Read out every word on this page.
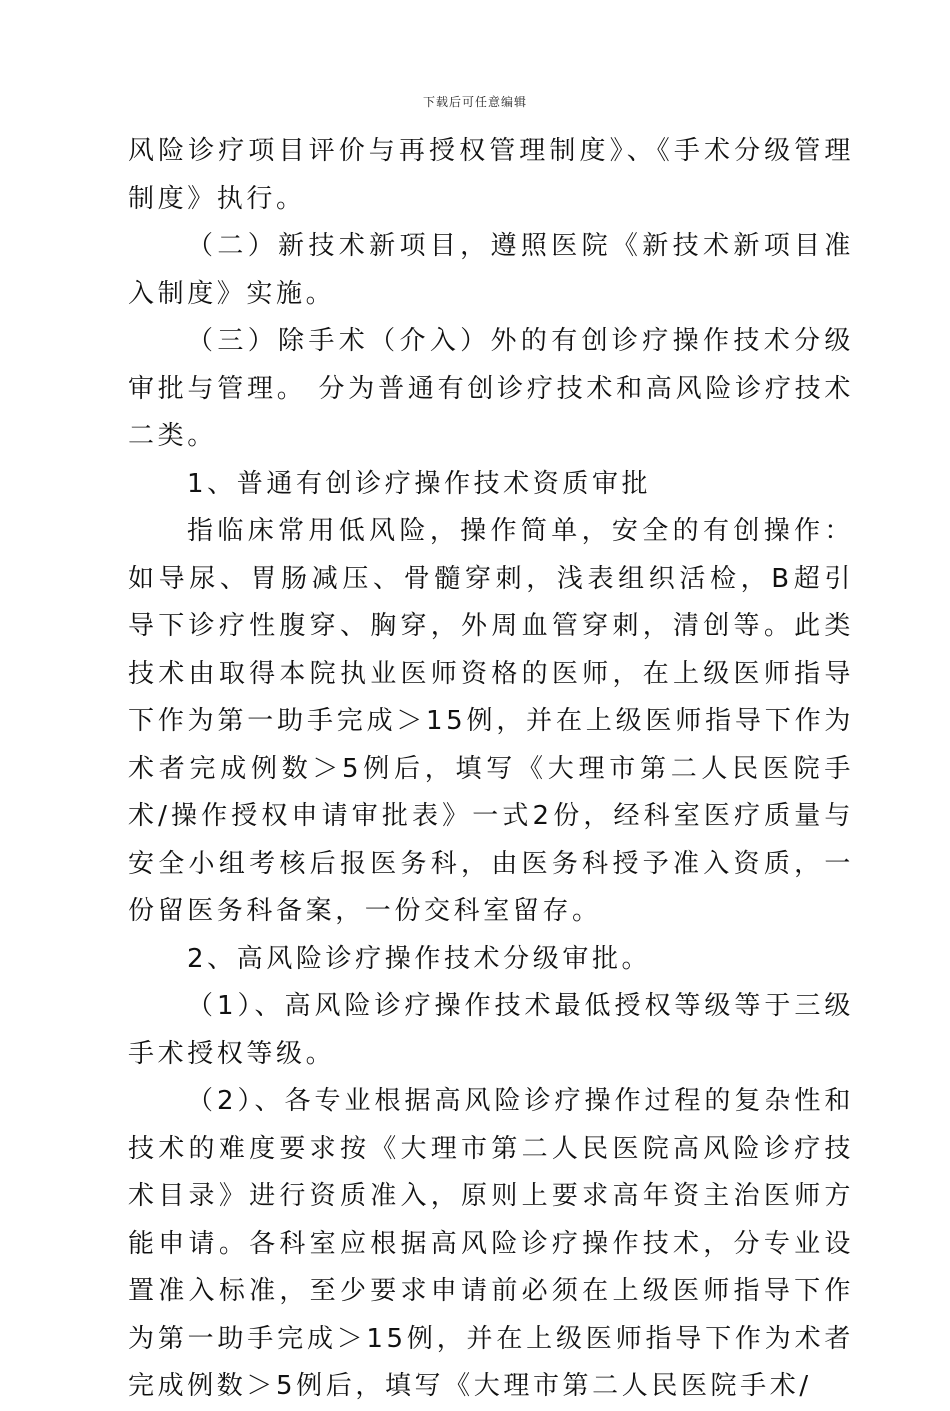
下载后可任意编辑

风险诊疗项目评价与再授权管理制度》、《手术分级管理制度》执行。

（二）新技术新项目，遵照医院《新技术新项目准入制度》实施。

（三）除手术（介入）外的有创诊疗操作技术分级审批与管理。 分为普通有创诊疗技术和高风险诊疗技术二类。

1、普通有创诊疗操作技术资质审批

指临床常用低风险，操作简单，安全的有创操作：如导尿、胃肠减压、骨髓穿刺，浅表组织活检，B超引导下诊疗性腹穿、胸穿，外周血管穿刺，清创等。此类技术由取得本院执业医师资格的医师，在上级医师指导下作为第一助手完成＞15例，并在上级医师指导下作为术者完成例数＞5例后，填写《大理市第二人民医院手术/操作授权申请审批表》一式2份，经科室医疗质量与安全小组考核后报医务科，由医务科授予准入资质，一份留医务科备案，一份交科室留存。

2、高风险诊疗操作技术分级审批。

（1）、高风险诊疗操作技术最低授权等级等于三级手术授权等级。

（2）、各专业根据高风险诊疗操作过程的复杂性和技术的难度要求按《大理市第二人民医院高风险诊疗技术目录》进行资质准入，原则上要求高年资主治医师方能申请。各科室应根据高风险诊疗操作技术，分专业设置准入标准，至少要求申请前必须在上级医师指导下作为第一助手完成＞15例，并在上级医师指导下作为术者完成例数＞5例后，填写《大理市第二人民医院手术/
